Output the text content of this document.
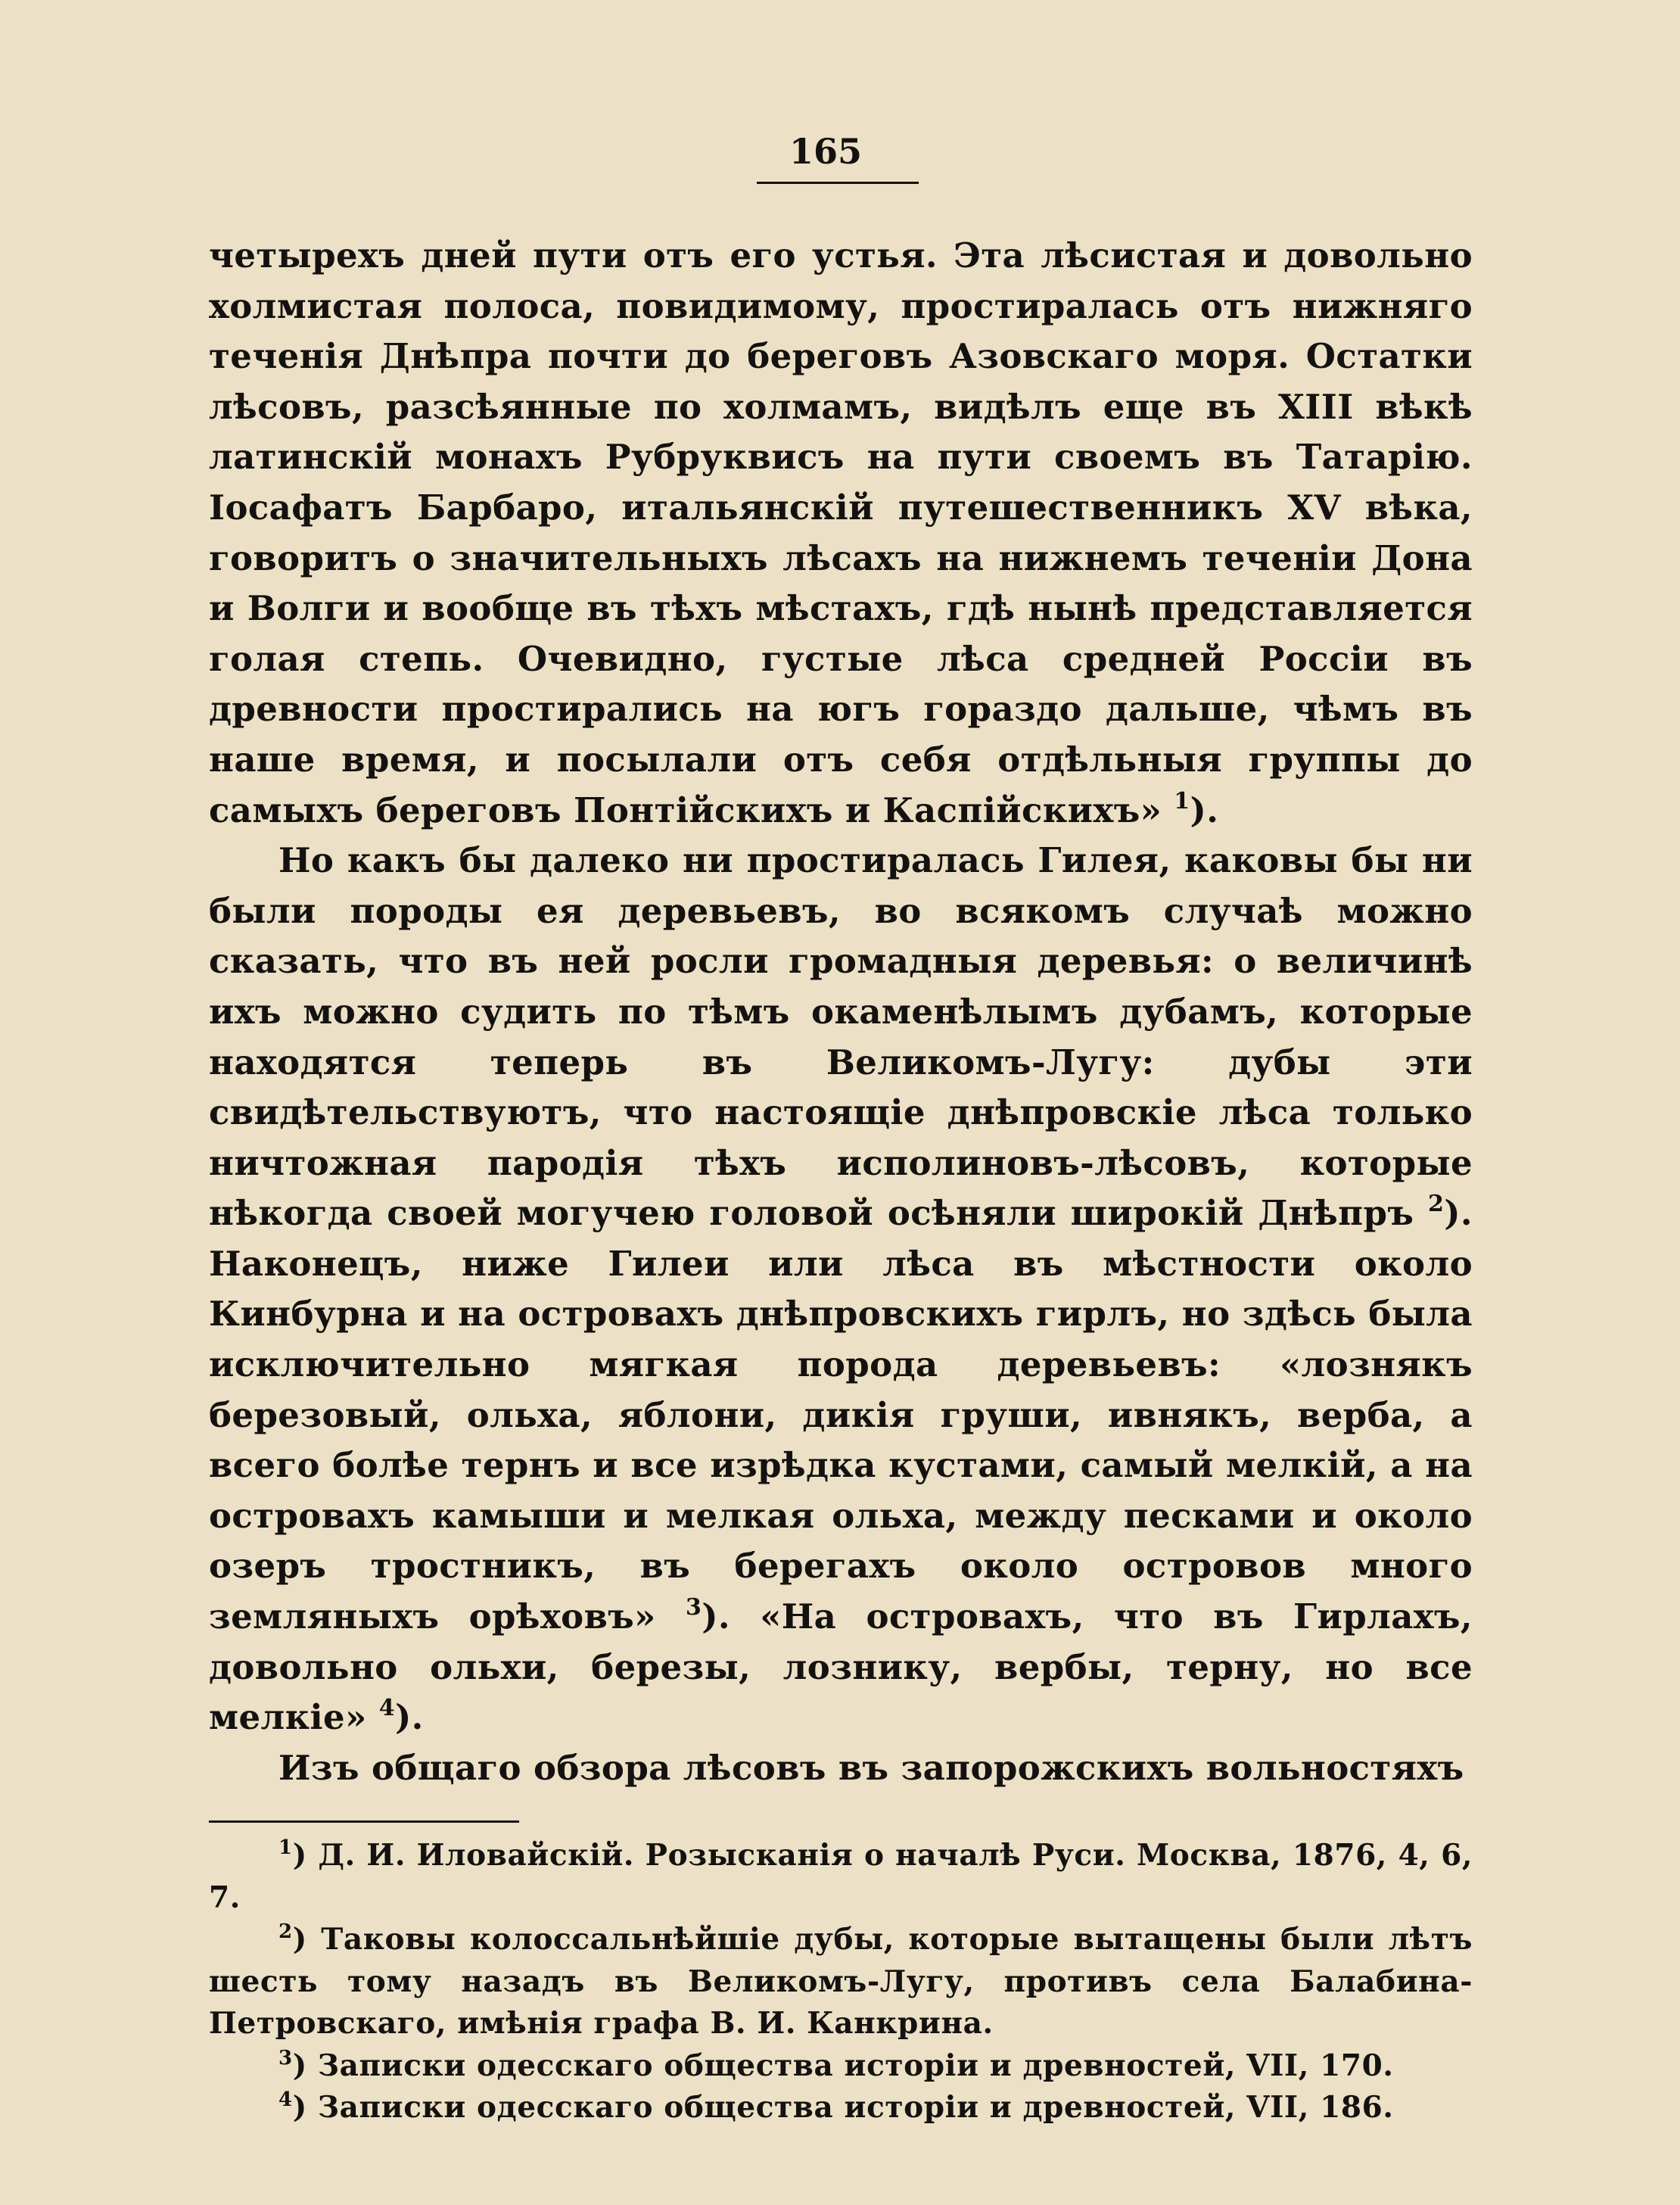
165

четырехъ дней пути отъ его устья. Эта лѣсистая и довольно холмистая полоса, повидимому, простиралась отъ нижняго теченія Днѣпра почти до береговъ Азовскаго моря. Остатки лѣсовъ, разсѣянные по холмамъ, видѣлъ еще въ XIII вѣкѣ латинскій монахъ Рубруквисъ на пути своемъ въ Татарію. Іосафатъ Барбаро, итальянскій путешественникъ XV вѣка, говоритъ о значительныхъ лѣсахъ на нижнемъ теченіи Дона и Волги и вообще въ тѣхъ мѣстахъ, гдѣ нынѣ представляется голая степь. Очевидно, густые лѣса средней Россіи въ древности простирались на югъ гораздо дальше, чѣмъ въ наше время, и посылали отъ себя отдѣльныя группы до самыхъ береговъ Понтійскихъ и Каспійскихъ» $^1$).

Но какъ бы далеко ни простиралась Гилея, каковы бы ни были породы ея деревьевъ, во всякомъ случаѣ можно сказать, что въ ней росли громадныя деревья: о величинѣ ихъ можно судить по тѣмъ окаменѣлымъ дубамъ, которые находятся теперь въ Великомъ-Лугу: дубы эти свидѣтельствуютъ, что настоящіе днѣпровскіе лѣса только ничтожная пародія тѣхъ исполиновъ-лѣсовъ, которые нѣкогда своей могучею головой осѣняли широкій Днѣпръ $^2$). Наконецъ, ниже Гилеи или лѣса въ мѣстности около Кинбурна и на островахъ днѣпровскихъ гирлъ, но здѣсь была исключительно мягкая порода деревьевъ: «лознякъ березовый, ольха, яблони, дикія груши, ивнякъ, верба, а всего болѣе тернъ и все изрѣдка кустами, самый мелкій, а на островахъ камыши и мелкая ольха, между песками и около озеръ тростникъ, въ берегахъ около островов много земляныхъ орѣховъ» $^3$). «На островахъ, что въ Гирлахъ, довольно ольхи, березы, лознику, вербы, терну, но все мелкіе» $^4$).

Изъ общаго обзора лѣсовъ въ запорожскихъ вольностяхъ

$^1$) Д. И. Иловайскій. Розысканія о началѣ Руси. Москва, 1876, 4, 6, 7.

$^2$) Таковы колоссальнѣйшіе дубы, которые вытащены были лѣтъ шесть тому назадъ въ Великомъ-Лугу, противъ села Балабина-Петровскаго, имѣнія графа В. И. Канкрина.

$^3$) Записки одесскаго общества исторіи и древностей, VII, 170.

$^4$) Записки одесскаго общества исторіи и древностей, VII, 186.
